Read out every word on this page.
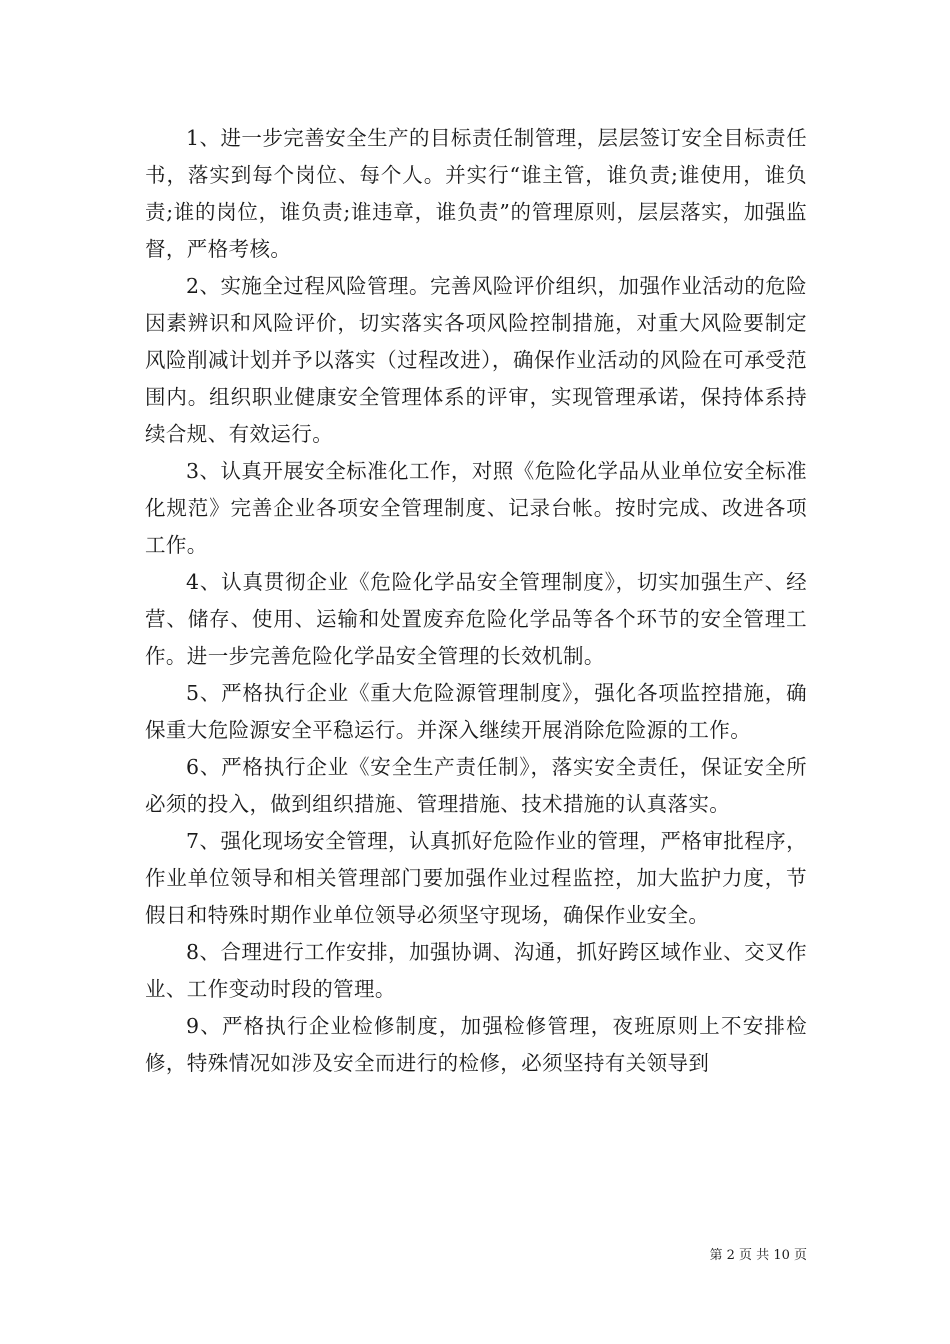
1、进一步完善安全生产的目标责任制管理，层层签订安全目标责任书，落实到每个岗位、每个人。并实行“谁主管，谁负责;谁使用，谁负责;谁的岗位，谁负责;谁违章，谁负责”的管理原则，层层落实，加强监督，严格考核。

2、实施全过程风险管理。完善风险评价组织，加强作业活动的危险因素辨识和风险评价，切实落实各项风险控制措施，对重大风险要制定风险削减计划并予以落实（过程改进），确保作业活动的风险在可承受范围内。组织职业健康安全管理体系的评审，实现管理承诺，保持体系持续合规、有效运行。

3、认真开展安全标准化工作，对照《危险化学品从业单位安全标准化规范》完善企业各项安全管理制度、记录台帐。按时完成、改进各项工作。

4、认真贯彻企业《危险化学品安全管理制度》，切实加强生产、经营、储存、使用、运输和处置废弃危险化学品等各个环节的安全管理工作。进一步完善危险化学品安全管理的长效机制。

5、严格执行企业《重大危险源管理制度》，强化各项监控措施，确保重大危险源安全平稳运行。并深入继续开展消除危险源的工作。

6、严格执行企业《安全生产责任制》，落实安全责任，保证安全所必须的投入，做到组织措施、管理措施、技术措施的认真落实。

7、强化现场安全管理，认真抓好危险作业的管理，严格审批程序，作业单位领导和相关管理部门要加强作业过程监控，加大监护力度，节假日和特殊时期作业单位领导必须坚守现场，确保作业安全。

8、合理进行工作安排，加强协调、沟通，抓好跨区域作业、交叉作业、工作变动时段的管理。

9、严格执行企业检修制度，加强检修管理，夜班原则上不安排检修，特殊情况如涉及安全而进行的检修，必须坚持有关领导到

第 2 页 共 10 页
